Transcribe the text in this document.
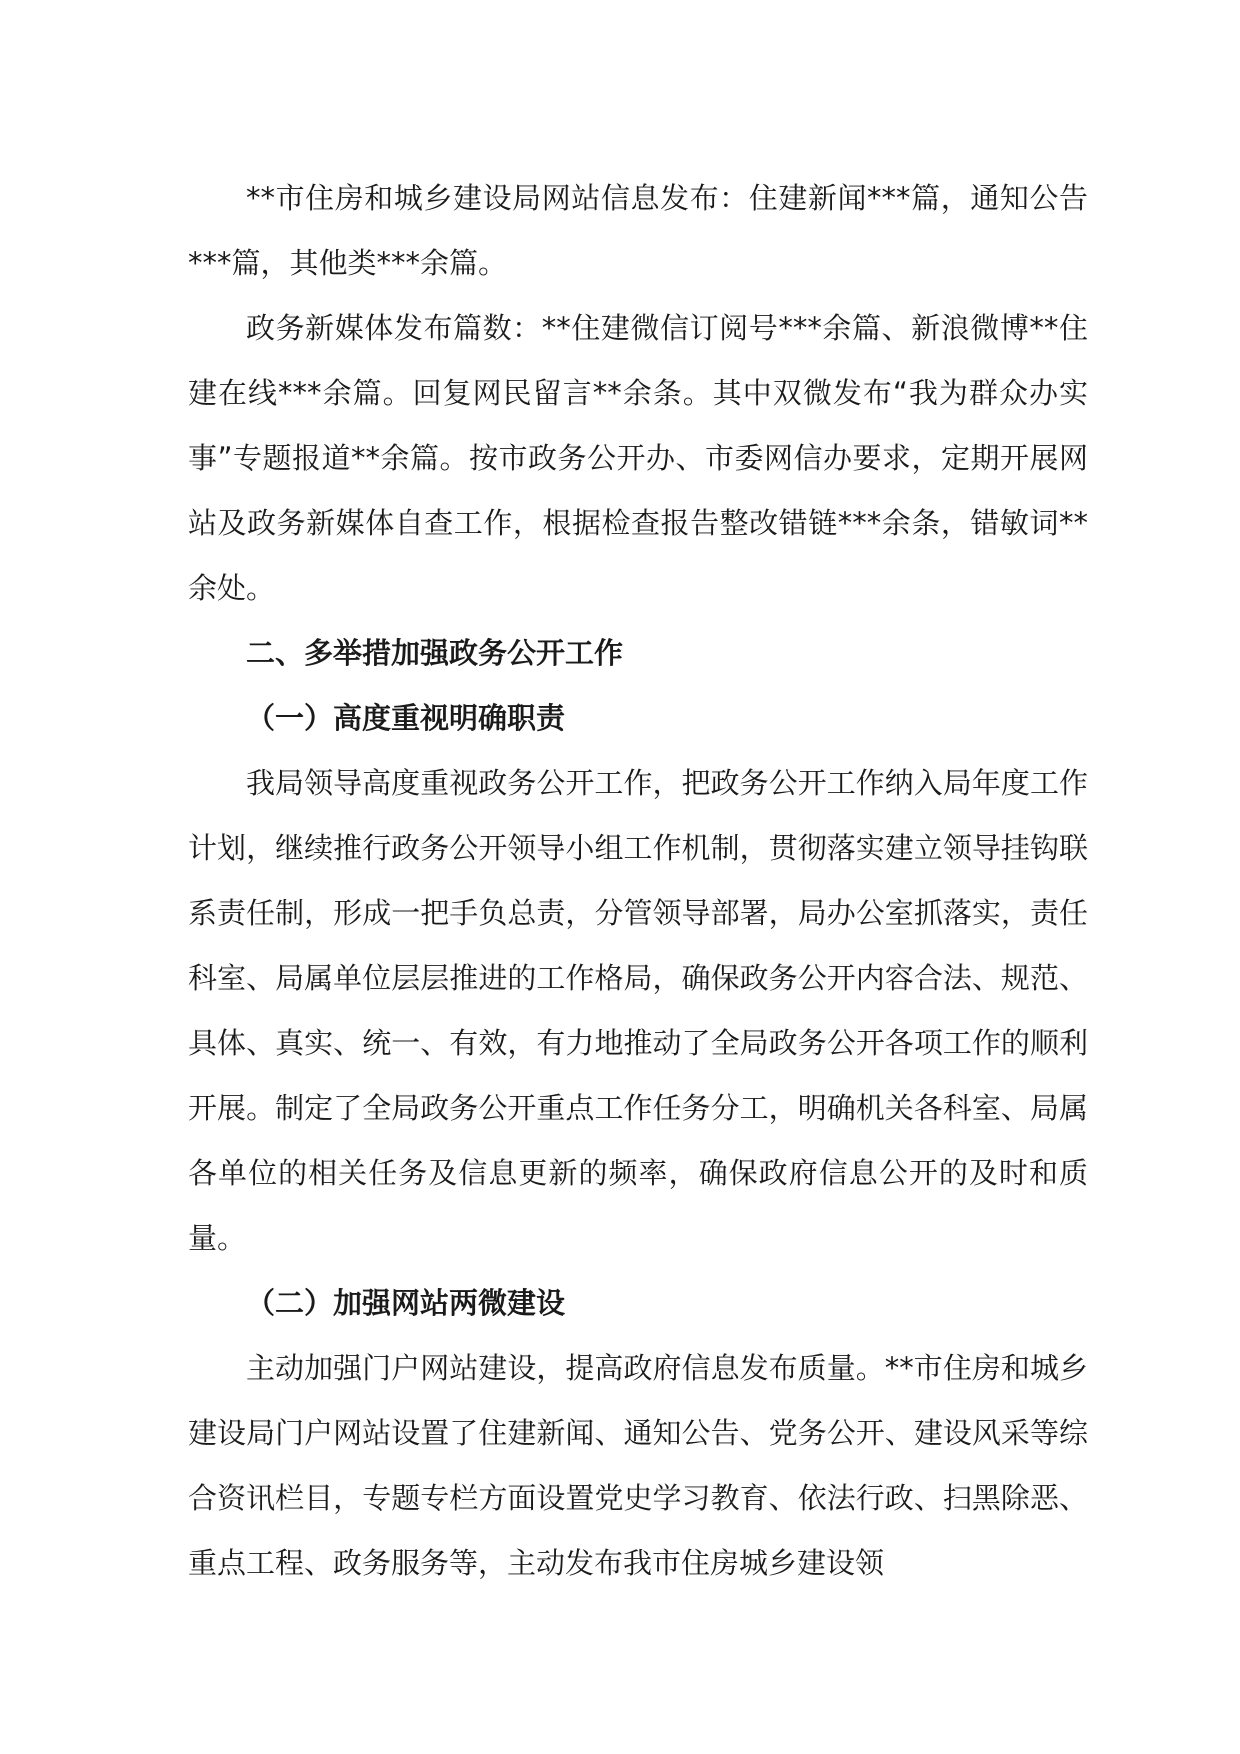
**市住房和城乡建设局网站信息发布：住建新闻***篇，通知公告***篇，其他类***余篇。

政务新媒体发布篇数：**住建微信订阅号***余篇、新浪微博**住建在线***余篇。回复网民留言**余条。其中双微发布“我为群众办实事”专题报道**余篇。按市政务公开办、市委网信办要求，定期开展网站及政务新媒体自查工作，根据检查报告整改错链***余条，错敏词**余处。

二、多举措加强政务公开工作
（一）高度重视明确职责

我局领导高度重视政务公开工作，把政务公开工作纳入局年度工作计划，继续推行政务公开领导小组工作机制，贯彻落实建立领导挂钩联系责任制，形成一把手负总责，分管领导部署，局办公室抓落实，责任科室、局属单位层层推进的工作格局，确保政务公开内容合法、规范、具体、真实、统一、有效，有力地推动了全局政务公开各项工作的顺利开展。制定了全局政务公开重点工作任务分工，明确机关各科室、局属各单位的相关任务及信息更新的频率，确保政府信息公开的及时和质量。

（二）加强网站两微建设

主动加强门户网站建设，提高政府信息发布质量。**市住房和城乡建设局门户网站设置了住建新闻、通知公告、党务公开、建设风采等综合资讯栏目，专题专栏方面设置党史学习教育、依法行政、扫黑除恶、重点工程、政务服务等，主动发布我市住房城乡建设领
